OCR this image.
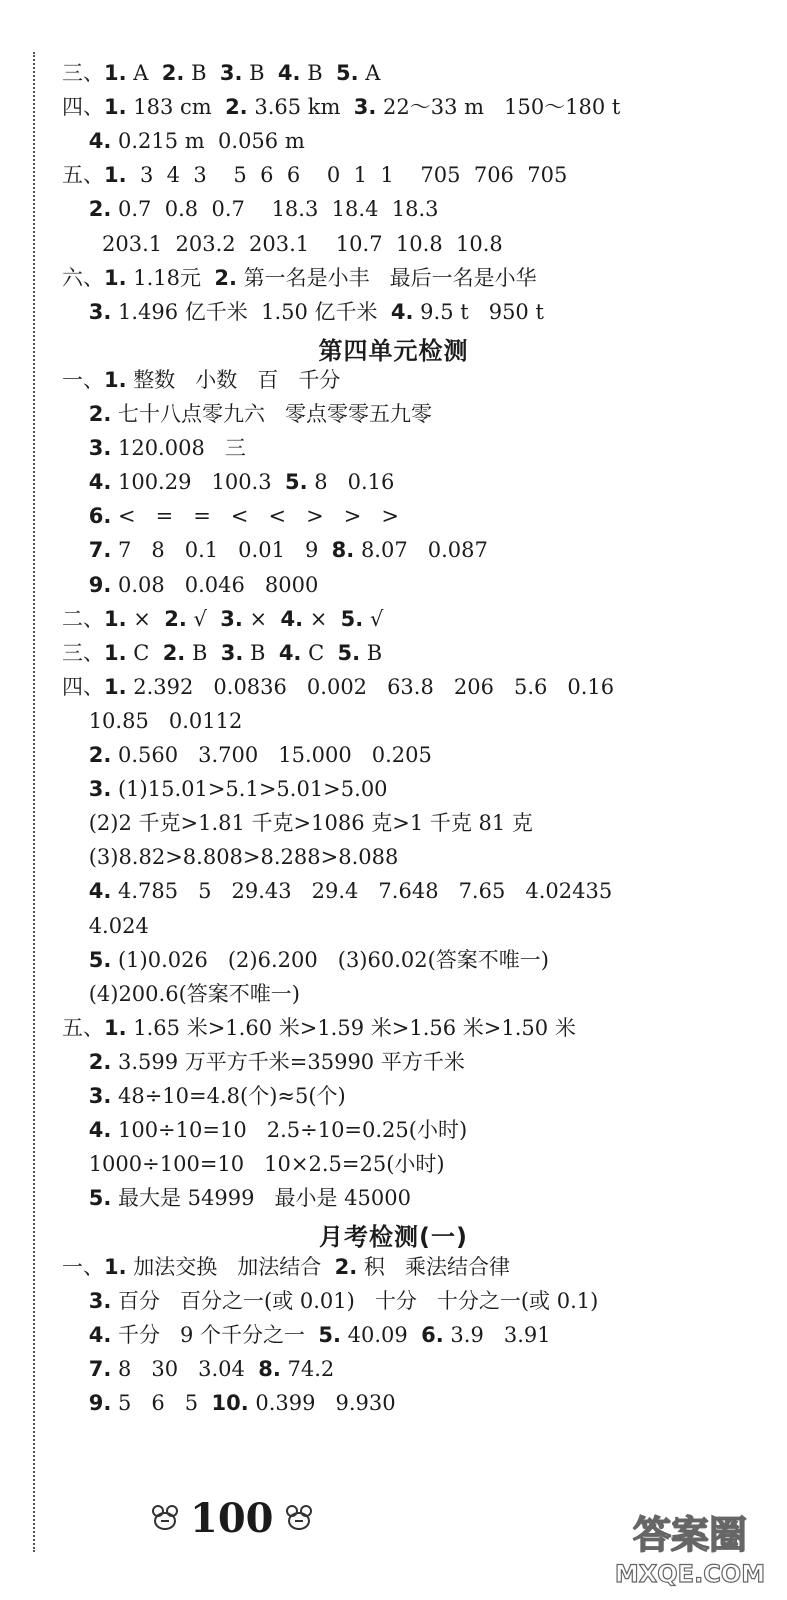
三、1. A  2. B  3. B  4. B  5. A
四、1. 183 cm  2. 3.65 km  3. 22～33 m   150～180 t
4. 0.215 m  0.056 m
五、1.  3  4  3    5  6  6    0  1  1    705  706  705
2. 0.7  0.8  0.7    18.3  18.4  18.3
203.1  203.2  203.1    10.7  10.8  10.8
六、1. 1.18元  2. 第一名是小丰   最后一名是小华
3. 1.496 亿千米  1.50 亿千米  4. 9.5 t   950 t
第四单元检测
一、1. 整数   小数   百   千分
2. 七十八点零九六   零点零零五九零
3. 120.008   三
4. 100.29   100.3  5. 8   0.16
6. <   =   =   <   <   >   >   >
7. 7   8   0.1   0.01   9  8. 8.07   0.087
9. 0.08   0.046   8000
二、1. ×  2. √  3. ×  4. ×  5. √
三、1. C  2. B  3. B  4. C  5. B
四、1. 2.392   0.0836   0.002   63.8   206   5.6   0.16
10.85   0.0112
2. 0.560   3.700   15.000   0.205
3. (1)15.01>5.1>5.01>5.00
(2)2 千克>1.81 千克>1086 克>1 千克 81 克
(3)8.82>8.808>8.288>8.088
4. 4.785   5   29.43   29.4   7.648   7.65   4.02435
4.024
5. (1)0.026   (2)6.200   (3)60.02(答案不唯一)
(4)200.6(答案不唯一)
五、1. 1.65 米>1.60 米>1.59 米>1.56 米>1.50 米
2. 3.599 万平方千米=35990 平方千米
3. 48÷10=4.8(个)≈5(个)
4. 100÷10=10   2.5÷10=0.25(小时)
1000÷100=10   10×2.5=25(小时)
5. 最大是 54999   最小是 45000
月考检测(一)
一、1. 加法交换   加法结合  2. 积   乘法结合律
3. 百分   百分之一(或 0.01)   十分   十分之一(或 0.1)
4. 千分   9 个千分之一  5. 40.09  6. 3.9   3.91
7. 8   30   3.04  8. 74.2
9. 5   6   5  10. 0.399   9.930
100	答案圈
MXQE.COM
